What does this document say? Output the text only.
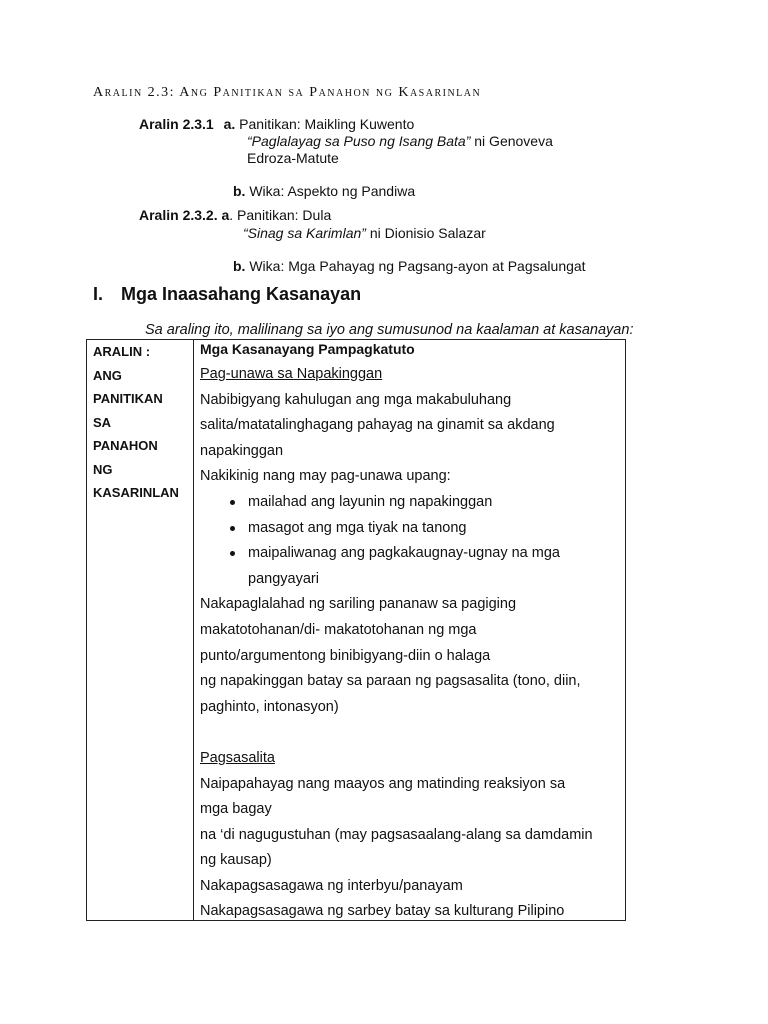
Aralin 2.3: Ang Panitikan sa Panahon ng Kasarinlan
Aralin 2.3.1 a. Panitikan: Maikling Kuwento
“Paglalayag sa Puso ng Isang Bata” ni Genoveva
Edroza-Matute
b. Wika: Aspekto ng Pandiwa
Aralin 2.3.2. a. Panitikan: Dula
“Sinag sa Karimlan” ni Dionisio Salazar
b. Wika: Mga Pahayag ng Pagsang-ayon at Pagsalungat
I. Mga Inaasahang Kasanayan
Sa araling ito, malilinang sa iyo ang sumusunod na kaalaman at kasanayan:
ARALIN :
ANG
PANITIKAN
SA
PANAHON
NG
KASARINLAN
Mga Kasanayang Pampagkatuto
Pag-unawa sa Napakinggan
Nabibigyang kahulugan ang mga makabuluhang
salita/matatalinghagang pahayag na ginamit sa akdang
napakinggan
Nakikinig nang may pag-unawa upang:
mailahad ang layunin ng napakinggan
masagot ang mga tiyak na tanong
maipaliwanag ang pagkakaugnay-ugnay na mga
pangyayari
Nakapaglalahad ng sariling pananaw sa pagiging
makatotohanan/di- makatotohanan ng mga
punto/argumentong binibigyang-diin o halaga
ng napakinggan batay sa paraan ng pagsasalita (tono, diin,
paghinto, intonasyon)
Pagsasalita
Naipapahayag nang maayos ang matinding reaksiyon sa
mga bagay
na ‘di nagugustuhan (may pagsasaalang-alang sa damdamin
ng kausap)
Nakapagsasagawa ng interbyu/panayam
Nakapagsasagawa ng sarbey batay sa kulturang Pilipino
